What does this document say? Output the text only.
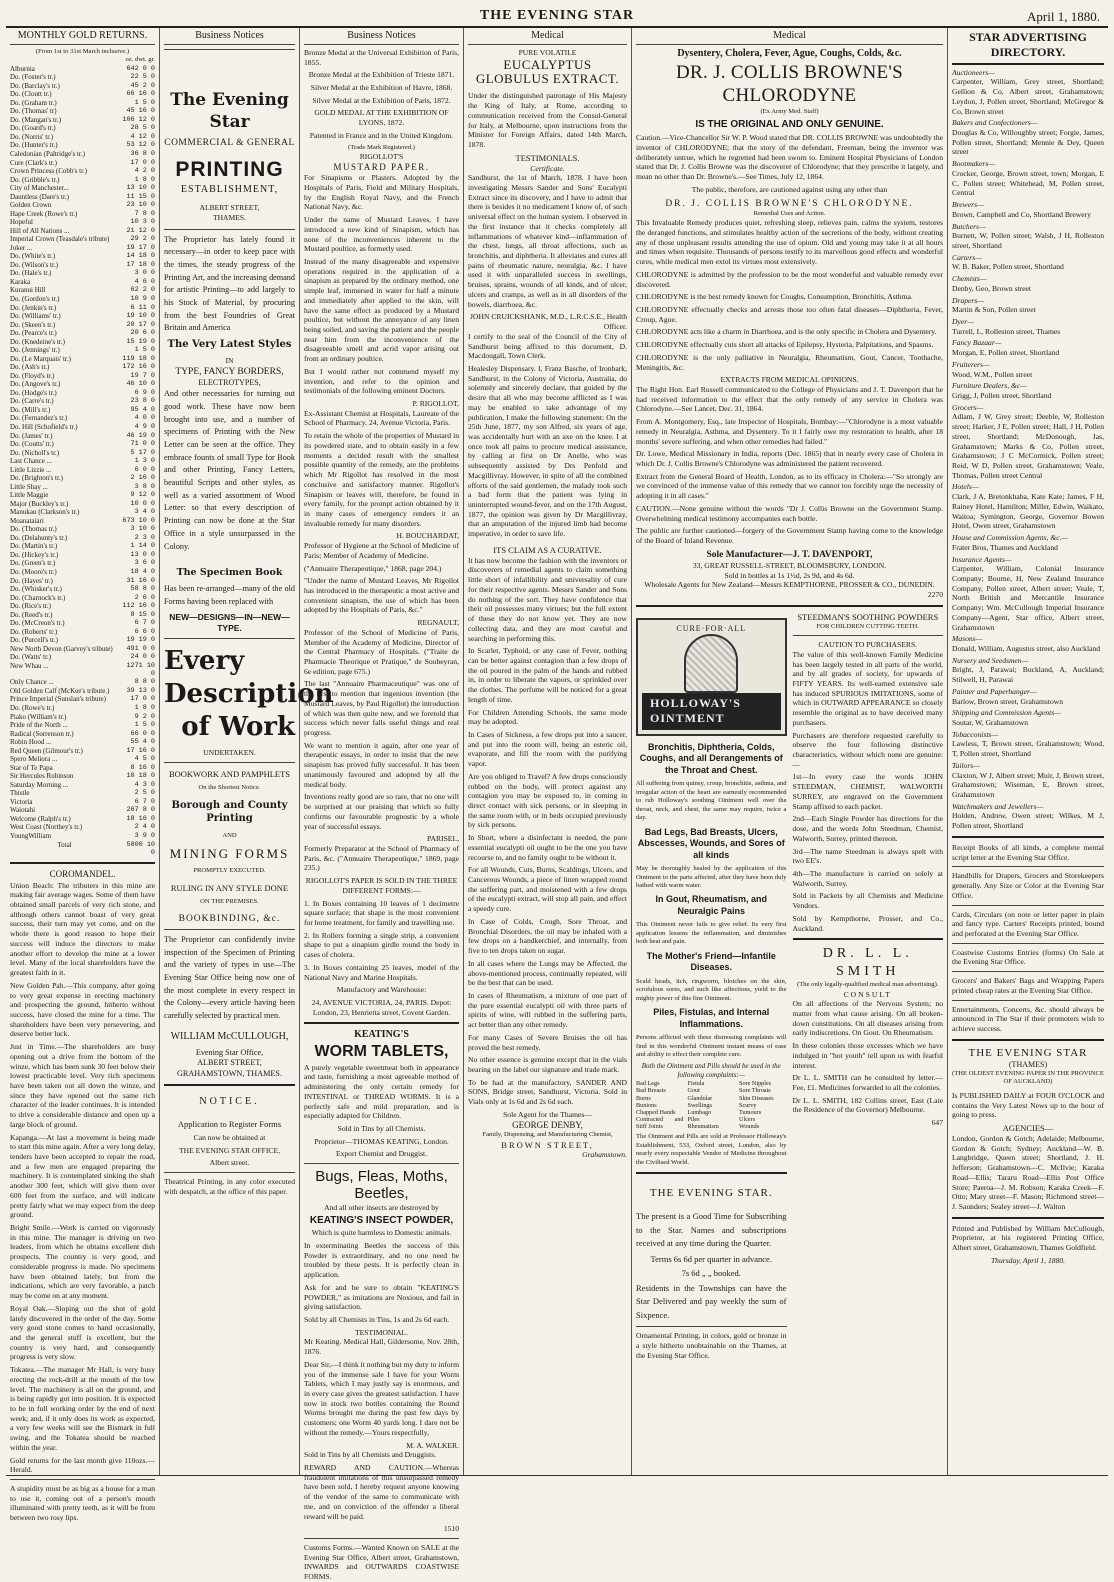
THE EVENING STAR	April 1, 1880.
MONTHLY GOLD RETURNS.
(From 1st to 31st March inclusive.)
oz. dwt. gr.
Alburnia	642 0 0
Do. (Foster's tr.)	22 5 0
Do. (Barclay's tr.)	45 2 0
Do. (Cloutt tr.)	66 16 0
Do. (Graham tr.)	1 5 0
Do. (Thomas' tr)	45 16 0
Do. (Mangan's tr.)	106 12 0
Do. (Goard's tr.)	28 5 0
Do. (Norris' tr.)	4 12 0
Do. (Hunter's tr.)	53 12 0
Caledonian (Paltridge's tr.)	36 8 0
Cure (Clark's tr.)	17 0 0
Crown Princess (Cobb's tr.)	4 2 0
Do. (Gribble's tr.)	1 8 0
City of Manchester...	13 10 0
Dauntless (Dare's tr.)	11 15 0
Golden Crown	23 10 0
Hape Creek (Rowe's tr.)	7 8 0
Hopeful	10 3 0
Hill of All Nations ...	21 12 0
Imperial Crown (Teasdale's tribute)	29 2 0
Joker ...	19 17 0
Do. (White's tr.)	14 18 0
Do. (Wilson's tr.)	17 18 0
Do. (Hale's tr.)	3 0 0
Karaka	4 6 0
Kuranui Hill	62 2 0
Do. (Gordon's tr.)	10 9 0
Do. (Jenkin's tr.)	6 11 0
Do. (Williams' tr.)	19 10 0
Do. (Skeen's tr.)	20 17 0
Do. (Pearce's tr.)	20 6 0
Do. (Knedeine's tr.)	15 19 0
Do. (Jennings' tr.)	1 5 0
Do. (Le Marquais' tr.)	119 18 0
Do. (Ash's tr.)	172 16 0
Do. (Floyd's tr.)	19 7 0
Do. (Angove's tr.)	46 10 0
Do. (Hodge's tr.)	6 9 0
Do. (Carre's tr.)	23 8 0
Do. (Mill's tr.)	95 4 0
Do. (Fernandez's tr.)	4 0 0
Do. Hill (Schofield's tr.)	4 9 0
Do. (James' tr.)	46 19 0
Do. (Coutts' tr.)	71 0 0
Do. (Nicholl's tr.)	5 17 0
Last Chance ...	1 3 0
Little Lizzie ...	6 0 0
Do. (Brighton's tr.)	2 16 0
Little Shay ...	3 8 0
Little Maggie	9 12 0
Major (Buckley's tr.)	10 0 0
Manukau (Clarkson's tr.)	3 4 0
Moanataiari	673 10 0
Do. (Thomas tr.)	3 10 0
Do. (Delahunty's tr.)	2 3 0
Do. (Martin's tr.)	1 14 0
Do. (Hickey's tr.)	13 0 0
Do. (Green's tr.)	3 6 0
Do. (Moore's tr.)	18 4 0
Do. (Hayes' tr.)	31 16 0
Do. (Whisker's tr.)	58 8 0
Do. (Charnock's tr.)	2 6 0
Do. (Rice's tr.)	112 16 0
Do. (Reed's tr.)	8 15 0
Do. (McCreon's tr.)	6 7 0
Do. (Roberts' tr.)	6 6 0
Do. (Purcell's tr.)	19 19 0
New North Devon (Garvey's tribute)	491 0 0
Do. (Watts' tr.)	24 0 0
New Whau ...	1271 10 0
Only Chance ...	8 8 0
Old Golden Calf (McKee's tribute.)	39 13 0
Prince Imperial (Sunslan's tribute)	17 0 0
Do. (Rowe's tr.)	1 8 0
Piako (William's tr.)	9 2 0
Pride of the North ...	1 5 0
Radical (Sorrenson tr.)	66 0 0
Robin Hood ...	55 4 0
Red Queen (Gilmour's tr.)	17 16 0
Spero Meliora ...	4 5 0
Star of Te Papa	8 16 0
Sir Hercules Robinson	10 18 0
Saturday Morning ...	4 3 0
Thistle	2 5 0
Victoria	6 7 0
Waiotahi	267 8 0
Welcome (Ralph's tr.)	18 16 0
West Coast (Northey's tr.)	2 4 0
YoungWilliam	3 9 0
Total	5800 10 0
COROMANDEL.

Union Beach: The tributers in this mine are making fair average wages. Some of them have obtained small parcels of very rich stone, and although others cannot boast of very great success, their turn may yet come, and on the whole there is good reason to hope their success will induce the directors to make another effort to develop the mine at a lower level. Many of the local shareholders have the greatest faith in it.

New Golden Pah.—This company, after going to very great expense in erecting machinery and prospecting the ground, hitherto without success, have closed the mine for a time. The shareholders have been very persevering, and deserve better luck.

Just in Time.—The shareholders are busy opening out a drive from the bottom of the winze, which has been sunk 30 feet below their lowest practicable level. Very rich specimens have been taken out all down the winze, and since they have opened out the same rich character of the leader continues. It is intended to drive a considerable distance and open up a large block of ground.

Kapanga.—At last a movement is being made to start this mine again. After a very long delay, tenders have been accepted to repair the road, and a few men are engaged preparing the machinery. It is contemplated sinking the shaft another 300 feet, which will give them over 600 feet from the surface, and will indicate pretty fairly what we may expect from the deep ground.

Bright Smile.—Work is carried on vigorously in this mine. The manager is driving on two leaders, from which he obtains excellent dish prospects. The country is very good, and considerable progress is made. No specimens have been obtained lately, but from the indications, which are very favorable, a patch may be come on at any moment.

Royal Oak.—Sloping out the shot of gold lately discovered in the order of the day. Some very good stone comes to hand occasionally, and the general stuff is excellent, but the country is very hard, and consequently progress is very slow.

Tokatea.—The manager Mr Hall, is very busy erecting the rock-drill at the mouth of the low level. The machinery is all on the ground, and is being rapidly got into position. It is expected to be in full working order by the end of next week; and, if it only does its work as expected, a very few weeks will see the Bismark in full swing, and the Tokatea should be reached within the year.

Gold returns for the last month give 110ozs.—Herald.

A stupidity must be as big as a house for a man to use it, coming out of a person's mouth illuminated with pretty teeth, as it will be from between two rosy lips.

Business Notices
The Evening Star
COMMERCIAL & GENERAL
PRINTING
ESTABLISHMENT,
ALBERT STREET,
THAMES.

The Proprietor has lately found it necessary—in order to keep pace with the times, the steady progress of the Printing Art, and the increasing demand for artistic Printing—to add largely to his Stock of Material, by procuring from the best Foundries of Great Britain and America

The Very Latest Styles
IN
TYPE, FANCY BORDERS,
ELECTROTYPES,

And other necessaries for turning out good work. These have now been brought into use, and a number of specimens of Printing with the New Letter can be seen at the office. They embrace founts of small Type for Book and other Printing, Fancy Letters, beautiful Scripts and other styles, as well as a varied assortment of Wood Letter: so that every description of Printing can now be done at the Star Office in a style unsurpassed in the Colony.

The Specimen Book

Has been re-arranged—many of the old Forms having been replaced with

NEW—DESIGNS—IN—NEW—TYPE.
Every
Description
of Work
UNDERTAKEN.
BOOKWORK AND PAMPHLETS
On the Shortest Notice.
Borough and County Printing
AND
MINING FORMS
PROMPTLY EXECUTED.
RULING IN ANY STYLE DONE
ON THE PREMISES.
BOOKBINDING, &c.

The Proprietor can confidently invite inspection of the Specimen of Printing and the variety of types in use—The Evening Star Office being now one of the most complete in every respect in the Colony—every article having been carefully selected by practical men.

WILLIAM McCULLOUGH,
Evening Star Office,
ALBERT STREET,
GRAHAMSTOWN, THAMES.
NOTICE.

Application to Register Forms

Can now be obtained at

THE EVENING STAR OFFICE,

Albert street.

Theatrical Printing, in any color executed with despatch, at the office of this paper.

Business Notices

Bronze Medal at the Universal Exhibition of Paris, 1855.

Bronze Medal at the Exhibition of Trieste 1871.

Silver Medal at the Exhibition of Havre, 1868.

Silver Medal at the Exhibition of Paris, 1872.

GOLD MEDAL AT THE EXHIBITION OF LYONS, 1872.

Patented in France and in the United Kingdom.

(Trade Mark Registered.)
RIGOLLOT'S
MUSTARD PAPER.

For Sinapisms or Plasters. Adopted by the Hospitals of Paris, Field and Military Hospitals, by the English Royal Navy, and the French National Navy, &c.

Under the name of Mustard Leaves, I have introduced a new kind of Sinapism, which has none of the inconveniences inherent to the Mustard poultice, as formerly used.

Instead of the many disagreeable and expensive operations required in the application of a sinapism as prepared by the ordinary method, one simple leaf, immersed in water for half a minute and immediately after applied to the skin, will have the same effect as produced by a Mustard poultice, but without the annoyance of any linen being soiled, and saving the patient and the people near him from the inconvenience of the disagreeable smell and acrid vapor arising out from an ordinary poultice.

But I would rather not commend myself my invention, and refer to the opinion and testimonials of the following eminent Doctors.

P. RIGOLLOT,

Ex-Assistant Chemist at Hospitals, Laureate of the School of Pharmacy. 24, Avenue Victoria, Paris.

To retain the whole of the properties of Mustard in its powdered state, and to obtain easily in a few moments a decided result with the smallest possible quantity of the remedy, are the problems which Mr Rigollot has resolved in the most conclusive and satisfactory manner. Rigollot's Sinapism or leaves will, therefore, be found in every family, for the prompt action obtained by it in many cases of emergency renders it an invaluable remedy for many disorders.

H. BOUCHARDAT,

Professor of Hygiene at the School of Medicine of Paris; Member of Academy of Medicine.

("Annuaire Therapeutique," 1868, page 204.)

"Under the name of Mustard Leaves, Mr Rigollot has introduced in the therapeutic a most active and convenient sinapism, the use of which has been adopted by the Hospitals of Paris, &c."

REGNAULT,

Professor of the School of Medicine of Paris, Member of the Academy of Medicine, Director of the Central Pharmacy of Hospitals. ("Traite de Pharmacie Theorique et Pratique," de Soubeyran, 6e edition, page 675.)

The last "Annuaire Pharmaceutique" was one of the first to mention that ingenious invention (the Mustard Leaves, by Paul Rigollot) the introduction of which was then quite new, and we foretold that success which never falls useful things and real progress.

We want to mention it again, after one year of therapeutic essays, in order to insist that the new sinapism has proved fully successful. It has been unanimously favoured and adopted by all the medical body.

Inventions really good are so rare, that no one will be surprised at our praising that which so fully confirms our favourable prognostic by a whole year of successful essays.

PARISEL,

Formerly Preparator at the School of Pharmacy of Paris, &c. ("Annuaire Therapeutique," 1869, page 235.)

RIGOLLOT'S PAPER IS SOLD IN THE THREE DIFFERENT FORMS:—

1. In Boxes containing 10 leaves of 1 decimetre square surface; that shape is the most convenient for home treatment, for family and travelling use.

2. In Rollers forming a single strip, a convenient shape to put a sinapism girdle round the body in cases of cholera.

3. In Boxes containing 25 leaves, model of the National Navy and Marine Hospitals.

Manufactory and Warehouse:

24, AVENUE VICTORIA, 24, PARIS. Depot: London, 23, Henrietta street, Covent Garden.

KEATING'S
WORM TABLETS,

A purely vegetable sweetmeat both in appearance and taste, furnishing a most agreeable method of administering the only certain remedy for INTESTINAL or THREAD WORMS. It is a perfectly safe and mild preparation, and is especially adapted for Children.

Sold in Tins by all Chemists.

Proprietor—THOMAS KEATING, London.

Export Chemist and Druggist.

Bugs, Fleas, Moths, Beetles,

And all other insects are destroyed by

KEATING'S INSECT POWDER,

Which is quite harmless to Domestic animals.

In exterminating Beetles the success of this Powder is extraordinary, and no one need be troubled by these pests. It is perfectly clean in application.

Ask for and be sure to obtain "KEATING'S POWDER," as imitations are Noxious, and fail in giving satisfaction.

Sold by all Chemists in Tins, 1s and 2s 6d each.

TESTIMONIAL.

Mr Keating. Medical Hall, Gildersome, Nov. 28th, 1876.

Dear Sir,—I think it nothing but my duty to inform you of the immense sale I have for your Worm Tablets, which I may justly say is enormous, and in every case gives the greatest satisfaction. I have now in stock two bottles containing the Round Worms brought me during the past few days by customers; one Worm 40 yards long. I dare not be without the remedy.—Yours respectfully,

M. A. WALKER.

Sold in Tins by all Chemists and Druggists.

REWARD AND CAUTION.—Whereas fraudulent imitations of this unsurpassed remedy have been sold, I hereby request anyone knowing of the vendor of the same to communicate with me, and on conviction of the offender a liberal reward will be paid.

1510

Customs Forms.—Wanted Known on SALE at the Evening Star Office, Albert street, Grahamstown, INWARDS and OUTWARDS COASTWISE FORMS.

Medical
PURE VOLATILE
EUCALYPTUS GLOBULUS EXTRACT.

Under the distinguished patronage of His Majesty the King of Italy, at Rome, according to communication received from the Consul-General for Italy, at Melbourne, upon instructions from the Minister for Foreign Affairs, dated 14th March, 1878.

TESTIMONIALS.
Certificate.

Sandhurst, the 1st of March, 1878. I have been investigating Messrs Sander and Sons' Eucalypti Extract since its discovery, and I have to admit that there is besides it no medicament I know of, of such universal effect on the human system. I observed in the first instance that it checks completely all inflammations of whatever kind—inflammation of the chest, lungs, all throat affections, such as bronchitis, and diphtheria. It alleviates and cures all pains of rheumatic nature, neuralgia, &c. I have used it with unparalleled success in swellings, bruises, sprains, wounds of all kinds, and of ulcer, ulcers and cramps, as well as in all disorders of the bowels, diarrhoea, &c.

JOHN CRUICKSHANK, M.D., L.R.C.S.E., Health Officer.

I certify to the seal of the Council of the City of Sandhurst being affixed to this document, D. Macdougall, Town Clerk.

Healesley Dispensary. I, Franz Basche, of Ironbark, Sandhurst, in the Colony of Victoria, Australia, do solemnly and sincerely declare, that guided by the desire that all who may become afflicted as I was may be enabled to take advantage of my publication, I make the following statement: On the 25th June, 1877, my son Alfred, six years of age, was accidentally hurt with an axe on the knee. I at once took all pains to procure medical assistance, by calling at first on Dr Anelle, who was subsequently assisted by Drs Penfold and Macgillivray. However, in spite of all the combined efforts of the said gentlemen, the malady took such a bad form that the patient was lying in uninterrupted wound-fever, and on the 17th August, 1877, the opinion was given by Dr Macgillivray, that an amputation of the injured limb had become imperative, in order to save life.

ITS CLAIM AS A CURATIVE.

It has now become the fashion with the inventors or discoverers of remedial agents to claim something little short of infallibility and universality of cure for their respective agents. Messrs Sander and Sons do nothing of the sort. They have confidence that their oil possesses many virtues; but the full extent of these they do not know yet. They are now collecting data, and they are most careful and searching in performing this.

In Scarlet, Typhoid, or any case of Fever, nothing can be better against contagion than a few drops of the oil poured in the palm of the hands and rubbed in, in order to liberate the vapors, or sprinkled over the clothes. The perfume will be noticed for a great length of time.

For Children Attending Schools, the same mode may be adopted.

In Cases of Sickness, a few drops put into a saucer, and put into the room will, being an esteric oil, evaporate, and fill the room with the purifying vapor.

Are you obliged to Travel? A few drops consciously rubbed on the body, will protect against any contagion you may be exposed to, in coming in direct contact with sick persons, or in sleeping in the same room with, or in beds occupied previously by sick persons.

In Short, where a disinfectant is needed, the pure essential eucalypti oil ought to be the one you have recourse to, and no family ought to be without it.

For all Wounds, Cuts, Burns, Scaldings, Ulcers, and Cancerous Wounds, a piece of linen wrapped round the suffering part, and moistened with a few drops of the eucalypti extract, will stop all pain, and effect a speedy cure.

In Case of Colds, Cough, Sore Throat, and Bronchial Disorders, the oil may be inhaled with a few drops on a handkerchief, and internally, from five to ten drops taken on sugar.

In all cases where the Lungs may be Affected, the above-mentioned process, continually repeated, will be the best that can be used.

In cases of Rheumatism, a mixture of one part of the pure essential eucalypti oil with three parts of spirits of wine, will rubbed in the suffering parts, act better than any other remedy.

For many Cases of Severe Bruises the oil has proved the best remedy.

No other essence is genuine except that in the vials bearing on the label our signature and trade mark.

To be had at the manufactory, SANDER AND SONS, Bridge street, Sandhurst, Victoria. Sold in Vials only at 1s 6d and 2s 6d each.

Sole Agent for the Thames—
GEORGE DENBY,
Family, Dispensing, and Manufacturing Chemist,
BROWN STREET,
Grahamstown.
Medical
Dysentery, Cholera, Fever, Ague, Coughs, Colds, &c.
DR. J. COLLIS BROWNE'S CHLORODYNE
(Ex Army Med. Staff)
IS THE ORIGINAL AND ONLY GENUINE.

Caution.—Vice-Chancellor Sir W. P. Wood stated that DR. COLLIS BROWNE was undoubtedly the inventor of CHLORODYNE; that the story of the defendant, Freeman, being the inventor was deliberately untrue, which he regretted had been sworn to. Eminent Hospital Physicians of London stated that Dr. J. Collis Browne was the discoverer of Chlorodyne; that they prescribe it largely, and mean no other than Dr. Browne's.—See Times, July 12, 1864.

The public, therefore, are cautioned against using any other than

DR. J. COLLIS BROWNE'S CHLORODYNE.
Remedial Uses and Action.

This Invaluable Remedy produces quiet, refreshing sleep, relieves pain, calms the system, restores the deranged functions, and stimulates healthy action of the secretions of the body, without creating any of those unpleasant results attending the use of opium. Old and young may take it at all hours and times when requisite. Thousands of persons testify to its marvellous good effects and wonderful cures, while medical men extol its virtues most extensively.

CHLORODYNE is admitted by the profession to be the most wonderful and valuable remedy ever discovered.

CHLORODYNE is the best remedy known for Coughs, Consumption, Bronchitis, Asthma.

CHLORODYNE effectually checks and arrests those too often fatal diseases—Diphtheria, Fever, Croup, Ague.

CHLORODYNE acts like a charm in Diarrhoea, and is the only specific in Cholera and Dysentery.

CHLORODYNE effectually cuts short all attacks of Epilepsy, Hysteria, Palpitations, and Spasms.

CHLORODYNE is the only palliative in Neuralgia, Rheumatism, Gout, Cancer, Toothache, Meningitis, &c.

EXTRACTS FROM MEDICAL OPINIONS.

The Right Hon. Earl Russell communicated to the College of Physicians and J. T. Davenport that he had received information to the effect that the only remedy of any service in Cholera was Chlorodyne.—See Lancet, Dec. 31, 1864.

From A. Montgomery, Esq., late Inspector of Hospitals, Bombay:—"Chlorodyne is a most valuable remedy in Neuralgia, Asthma, and Dysentery. To it I fairly owe my restoration to health, after 18 months' severe suffering, and when other remedies had failed."

Dr. Lowe, Medical Missionary in India, reports (Dec. 1865) that in nearly every case of Cholera in which Dr. J. Collis Browne's Chlorodyne was administered the patient recovered.

Extract from the General Board of Health, London, as to its efficacy in Cholera:—"So strongly are we convinced of the immense value of this remedy that we cannot too forcibly urge the necessity of adopting it in all cases."

CAUTION.—None genuine without the words "Dr J. Collis Browne on the Government Stamp. Overwhelming medical testimony accompanies each bottle.

The public are further cautioned—forgery of the Government Stamp having come to the knowledge of the Board of Inland Revenue.

Sole Manufacturer—J. T. DAVENPORT,
33, GREAT RUSSELL-STREET, BLOOMSBURY, LONDON.
Sold in bottles at 1s 1½d, 2s 9d, and 4s 6d.
Wholesale Agents for New Zealand—Messrs KEMPTHORNE, PROSSER & CO., DUNEDIN.
2270
CURE·FOR·ALL
HOLLOWAY'S OINTMENT
Bronchitis, Diphtheria, Colds, Coughs, and all Derangements of the Throat and Chest.

All suffering from quinsy, croup, bronchitis, asthma, and irregular action of the heart are earnestly recommended to rub Holloway's soothing Ointment well over the throat, neck, and chest, the same may require, twice a day.

Bad Legs, Bad Breasts, Ulcers, Abscesses, Wounds, and Sores of all kinds

May be thoroughly healed by the application of this Ointment to the parts affected, after they have been duly bathed with warm water.

In Gout, Rheumatism, and Neuralgic Pains

This Ointment never fails to give relief. Its very first application lessens the inflammation, and diminishes both heat and pain.

The Mother's Friend—Infantile Diseases.

Scald heads, itch, ringworm, blotches on the skin, scrofulous sores, and such like affections, yield to the mighty power of this fine Ointment.

Piles, Fistulas, and Internal Inflammations.

Persons afflicted with these distressing complaints will find in this wonderful Ointment instant means of ease and ability to effect their complete cure.

Both the Ointment and Pills should be used in the following complaints:—
Bad Legs
Bad Breasts
Burns
Bunions
Chapped Hands
Contracted and Stiff Joints
Fistula
Gout
Glandular Swellings
Lumbago
Piles
Rheumatism
Sore Nipples
Sore Throats
Skin Diseases
Scurvy
Tumours
Ulcers
Wounds

The Ointment and Pills are sold at Professor Holloway's Establishment, 533, Oxford street, London, also by nearly every respectable Vendor of Medicine throughout the Civilised World.

THE EVENING STAR.

The present is a Good Time for Subscribing to the Star. Names and subscriptions received at any time during the Quarter.

Terms 6s 6d per quarter in advance.

7s 6d „ „ booked.

Residents in the Townships can have the Star Delivered and pay weekly the sum of Sixpence.

Ornamental Printing, in colors, gold or bronze in a style hitherto unobtainable on the Thames, at the Evening Star Office.

STEEDMAN'S SOOTHING POWDERS
FOR CHILDREN CUTTING TEETH.
CAUTION TO PURCHASERS.

The value of this well-known Family Medicine has been largely tested in all parts of the world, and by all grades of society, for upwards of FIFTY YEARS. Its well-earned extensive sale has induced SPURIOUS IMITATIONS, some of which in OUTWARD APPEARANCE so closely resemble the original as to have deceived many purchasers.

Purchasers are therefore requested carefully to observe the four following distinctive characteristics, without which none are genuine:—

1st—In every case the words JOHN STEEDMAN, CHEMIST, WALWORTH SURREY, are engraved on the Government Stamp affixed to each packet.

2nd—Each Single Powder has directions for the dose, and the words John Steedman, Chemist, Walworth, Surrey, printed thereon.

3rd—The name Steedman is always spelt with two EE's.

4th—The manufacture is carried on solely at Walworth, Surrey.

Sold in Packets by all Chemists and Medicine Vendors.

Sold by Kempthorne, Prosser, and Co., Auckland.

DR. L. L. SMITH
(The only legally-qualified medical man advertising).
CONSULT

On all affections of the Nervous System; no matter from what cause arising. On all broken-down constitutions. On all diseases arising from early indiscretions. On Gout. On Rheumatism.

In these colonies those excesses which we have indulged in "hot youth" tell upon us with fearful interest.

Dr L. L. SMITH can be consulted by letter.—Fee, £1. Medicines forwarded to all the colonies.

Dr L. L. SMITH, 182 Collins street, East (Late the Residence of the Governor) Melbourne.

647
STAR ADVERTISING DIRECTORY.
Auctioneers—
Carpenter, William, Grey street, Shortland; Gellion & Co, Albert street, Grahamstown; Leydon, J, Pollen street, Shortland; McGregor & Co, Brown street
Bakers and Confectioners—
Douglas & Co, Willoughby street; Forgie, James, Pollen street, Shortland; Mennie & Dey, Queen street
Bootmakers—
Crocker, George, Brown street, town; Morgan, E C, Pollen street; Whitehead, M, Pollen street, Central
Brewers—
Brown, Campbell and Co, Shortland Brewery
Butchers—
Burnett, W, Pollen street; Walsh, J H, Rolleston street, Shortland
Carters—
W. B. Baker, Pollen street, Shortland
Chemists—
Denby, Geo, Brown street
Drapers—
Martin & Son, Pollen street
Dyer—
Turrell, L, Rolleston street, Thames
Fancy Bazaar—
Morgan, E, Pollen street, Shortland
Fruiterers—
Wood, W.M., Pollen street
Furniture Dealers, &c—
Grigg, J, Pollen street, Shortland
Grocers—
Adlam, J W, Grey street; Deeble, W, Rolleston street; Harker, J E, Pollen street; Hall, J H, Pollen street, Shortland; McDonough, Jas, Grahamstown; Marks & Co, Pollen street, Grahamstown; J C McCormick, Pollen street; Reid, W D, Pollen street, Grahamstown; Veale, Thomas, Pollen street Central
Hotels—
Clark, J A, Bretonkhaba, Kate Kate; James, F H, Rainey Hotel, Hamilton; Miller, Edwin, Waikato, Waitoa; Symington, George, Governor Bowen Hotel, Owen street, Grahamstown
House and Commission Agents, &c.—
Frater Bros, Thames and Auckland
Insurance Agents—
Carpenter, William, Colonial Insurance Company; Bourne, H, New Zealand Insurance Company, Pollen street, Albert street; Veale, T, North British and Mercantile Insurance Company; Wm. McCullough Imperial Insurance Company—Agent, Star office, Albert street, Grahamstown
Masons—
Donald, William, Augustus street, also Auckland
Nursery and Seedsmen—
Bright, J, Parawai; Buckland, A, Auckland; Stilwell, H, Parawai
Painter and Paperhanger—
Barlow, Brown street, Grahamstown
Shipping and Commission Agents—
Soutar, W, Grahamstown
Tobacconists—
Lawless, T, Brown street, Grahamstown; Wood, T, Pollen street, Shortland
Tailors—
Claxton, W J, Albert street; Muir, J, Brown street, Grahamstown; Wiseman, E, Brown street, Grahamstown
Watchmakers and Jewellers—
Holden, Andrew, Owen street; Wilkes, M J, Pollen street, Shortland

Receipt Books of all kinds, a complete mental script letter at the Evening Star Office.

Handbills for Drapers, Grocers and Storekeepers generally. Any Size or Color at the Evening Star Office.

Cards, Circulars (on note or letter paper in plain and fancy type. Carters' Receipts printed, bound and perforated at the Evening Star Office.

Coastwise Customs Entries (forms) On Sale at the Evening Star Office.

Grocers' and Bakers' Bags and Wrapping Papers printed cheap rates at the Evening Star Office.

Entertainments, Concerts, &c. should always be announced in The Star if their promoters wish to achieve success.

THE EVENING STAR
(THAMES)
(THE OLDEST EVENING PAPER IN THE PROVINCE OF AUCKLAND)

Is PUBLISHED DAILY at FOUR O'CLOCK and contains the Very Latest News up to the hour of going to press.

AGENCIES—

London, Gordon & Gotch; Adelaide; Melbourne, Gordon & Gotch; Sydney; Auckland—W. B. Langbridge, Queen street; Shortland, J. H. Jefferson; Grahamstown—C. McIlvie; Karaka Road—Ellis; Tararu Road—Ellis Post Office Store; Paeroa—J. M. Robson; Karaka Creek—F. Otto; Mary street—F. Mason; Richmond street—J. Saunders; Sealey street—J. Walton

Printed and Published by William McCullough, Proprietor, at his registered Printing Office, Albert street, Grahamstown, Thames Goldfield.

Thursday, April 1, 1880.
